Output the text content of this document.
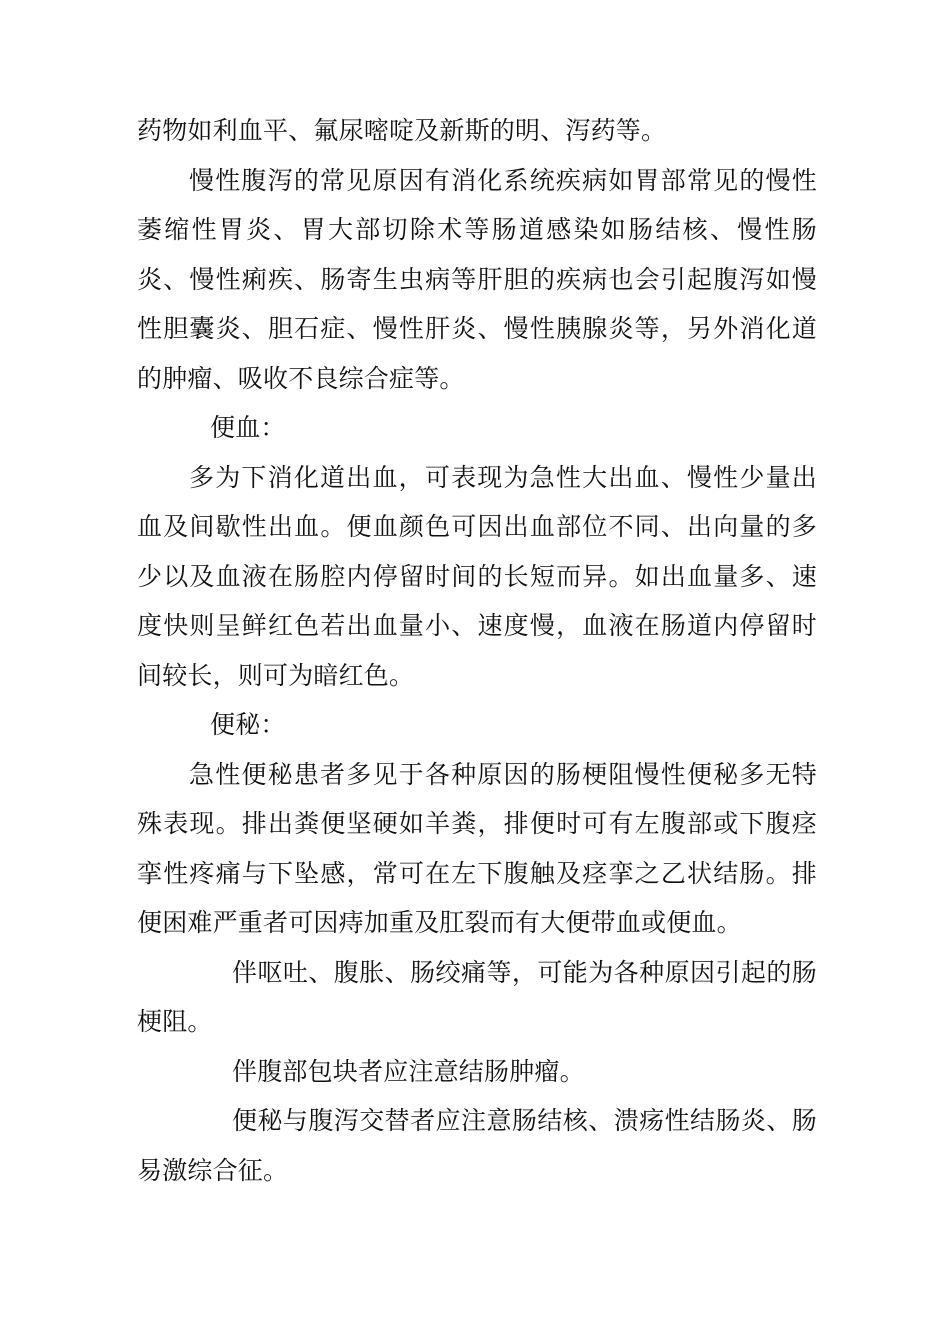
药物如利血平、氟尿嘧啶及新斯的明、泻药等。

慢性腹泻的常见原因有消化系统疾病如胃部常见的慢性萎缩性胃炎、胃大部切除术等肠道感染如肠结核、慢性肠炎、慢性痢疾、肠寄生虫病等肝胆的疾病也会引起腹泻如慢性胆囊炎、胆石症、慢性肝炎、慢性胰腺炎等，另外消化道的肿瘤、吸收不良综合症等。

便血：

多为下消化道出血，可表现为急性大出血、慢性少量出血及间歇性出血。便血颜色可因出血部位不同、出向量的多少以及血液在肠腔内停留时间的长短而异。如出血量多、速度快则呈鲜红色若出血量小、速度慢，血液在肠道内停留时间较长，则可为暗红色。

便秘：

急性便秘患者多见于各种原因的肠梗阻慢性便秘多无特殊表现。排出粪便坚硬如羊粪，排便时可有左腹部或下腹痉挛性疼痛与下坠感，常可在左下腹触及痉挛之乙状结肠。排便困难严重者可因痔加重及肛裂而有大便带血或便血。

伴呕吐、腹胀、肠绞痛等，可能为各种原因引起的肠梗阻。

伴腹部包块者应注意结肠肿瘤。

便秘与腹泻交替者应注意肠结核、溃疡性结肠炎、肠易激综合征。
